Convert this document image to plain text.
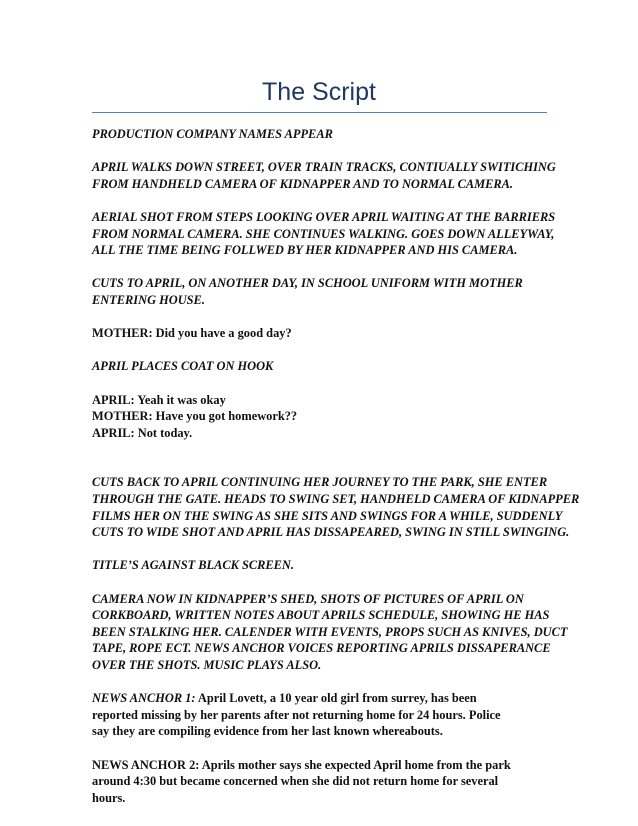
The Script
PRODUCTION COMPANY NAMES APPEAR
APRIL WALKS DOWN STREET, OVER TRAIN TRACKS, CONTIUALLY SWITICHING
FROM HANDHELD CAMERA OF KIDNAPPER AND TO NORMAL CAMERA.
AERIAL SHOT FROM STEPS LOOKING OVER APRIL WAITING AT THE BARRIERS
FROM NORMAL CAMERA. SHE CONTINUES WALKING. GOES DOWN ALLEYWAY,
ALL THE TIME BEING FOLLWED BY HER KIDNAPPER AND HIS CAMERA.
CUTS TO APRIL, ON ANOTHER DAY, IN SCHOOL UNIFORM WITH MOTHER
ENTERING HOUSE.
MOTHER: Did you have a good day?
APRIL PLACES COAT ON HOOK
APRIL: Yeah it was okay
MOTHER: Have you got homework??
APRIL: Not today.
CUTS BACK TO APRIL CONTINUING HER JOURNEY TO THE PARK, SHE ENTER
THROUGH THE GATE. HEADS TO SWING SET, HANDHELD CAMERA OF KIDNAPPER
FILMS HER ON THE SWING AS SHE SITS AND SWINGS FOR A WHILE, SUDDENLY
CUTS TO WIDE SHOT AND APRIL HAS DISSAPEARED, SWING IN STILL SWINGING.
TITLE’S AGAINST BLACK SCREEN.
CAMERA NOW IN KIDNAPPER’S SHED, SHOTS OF PICTURES OF APRIL ON
CORKBOARD, WRITTEN NOTES ABOUT APRILS SCHEDULE, SHOWING HE HAS
BEEN STALKING HER. CALENDER WITH EVENTS, PROPS SUCH AS KNIVES, DUCT
TAPE, ROPE ECT. NEWS ANCHOR VOICES REPORTING APRILS DISSAPERANCE
OVER THE SHOTS. MUSIC PLAYS ALSO.
NEWS ANCHOR 1: April Lovett, a 10 year old girl from surrey, has been
reported missing by her parents after not returning home for 24 hours. Police
say they are compiling evidence from her last known whereabouts.
NEWS ANCHOR 2: Aprils mother says she expected April home from the park
around 4:30 but became concerned when she did not return home for several
hours.
